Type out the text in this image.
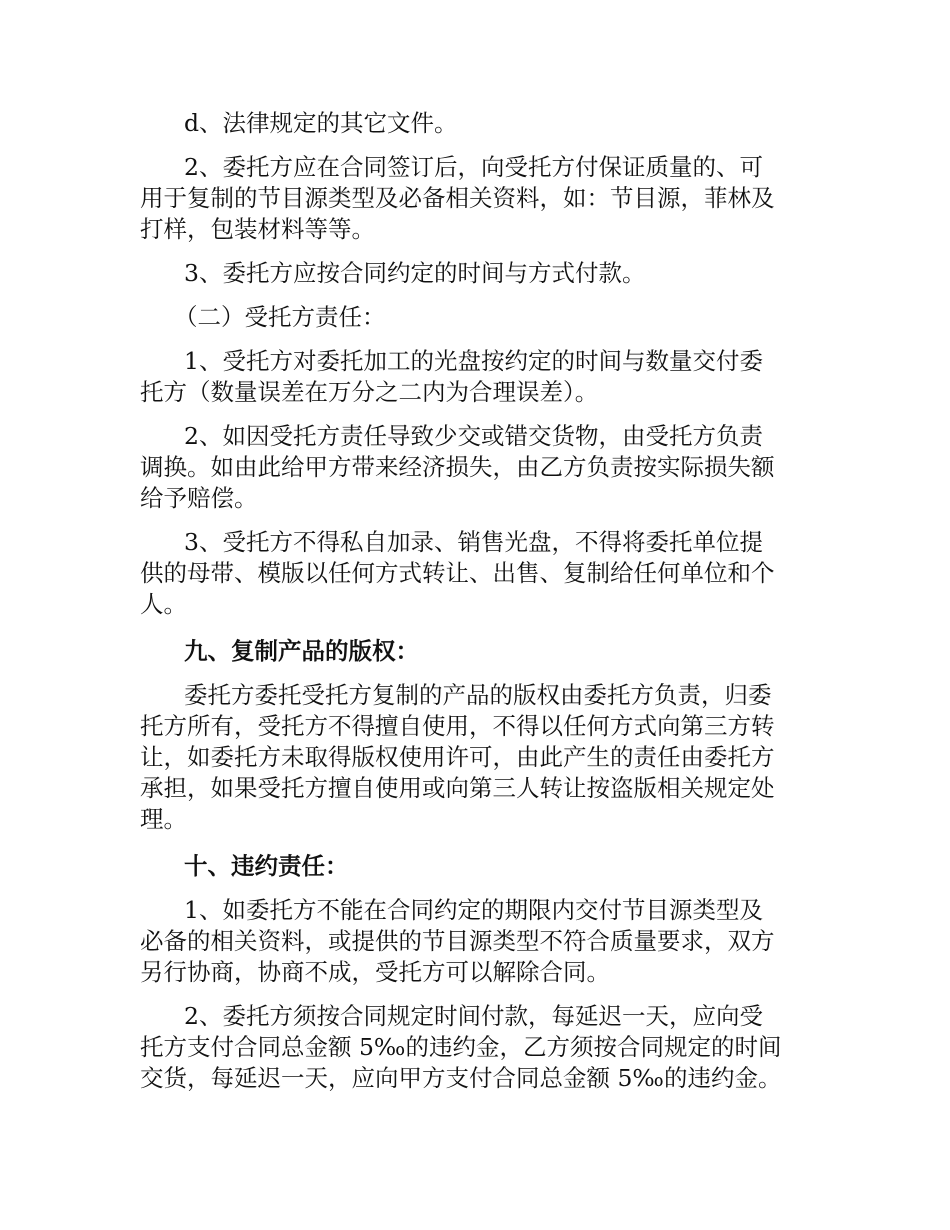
d、法律规定的其它文件。
2、委托方应在合同签订后，向受托方付保证质量的、可
用于复制的节目源类型及必备相关资料，如：节目源，菲林及
打样，包装材料等等。
3、委托方应按合同约定的时间与方式付款。
（二）受托方责任：
1、受托方对委托加工的光盘按约定的时间与数量交付委
托方（数量误差在万分之二内为合理误差）。
2、如因受托方责任导致少交或错交货物，由受托方负责
调换。如由此给甲方带来经济损失，由乙方负责按实际损失额
给予赔偿。
3、受托方不得私自加录、销售光盘，不得将委托单位提
供的母带、模版以任何方式转让、出售、复制给任何单位和个
人。
九、复制产品的版权：
委托方委托受托方复制的产品的版权由委托方负责，归委
托方所有，受托方不得擅自使用，不得以任何方式向第三方转
让，如委托方未取得版权使用许可，由此产生的责任由委托方
承担，如果受托方擅自使用或向第三人转让按盗版相关规定处
理。
十、违约责任：
1、如委托方不能在合同约定的期限内交付节目源类型及
必备的相关资料，或提供的节目源类型不符合质量要求，双方
另行协商，协商不成，受托方可以解除合同。
2、委托方须按合同规定时间付款，每延迟一天，应向受
托方支付合同总金额 5‰的违约金，乙方须按合同规定的时间
交货，每延迟一天，应向甲方支付合同总金额 5‰的违约金。
